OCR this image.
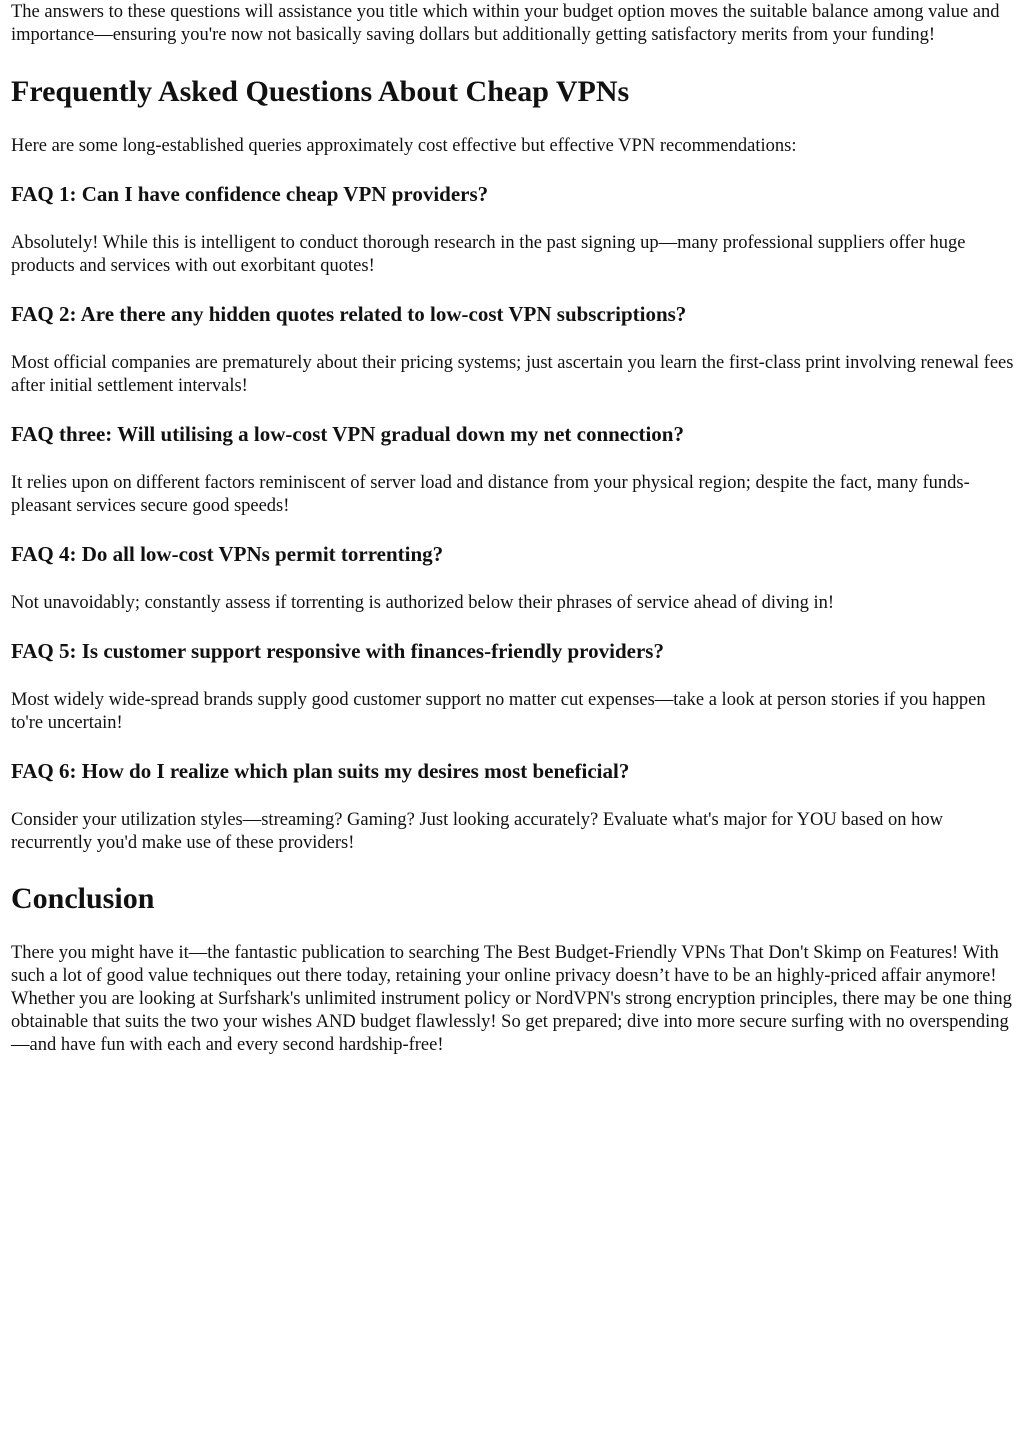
The answers to these questions will assistance you title which within your budget option moves the suitable balance among value and importance—ensuring you're now not basically saving dollars but additionally getting satisfactory merits from your funding!

Frequently Asked Questions About Cheap VPNs

Here are some long-established queries approximately cost effective but effective VPN recommendations:

FAQ 1: Can I have confidence cheap VPN providers?

Absolutely! While this is intelligent to conduct thorough research in the past signing up—many professional suppliers offer huge products and services with out exorbitant quotes!

FAQ 2: Are there any hidden quotes related to low-cost VPN subscriptions?

Most official companies are prematurely about their pricing systems; just ascertain you learn the first-class print involving renewal fees after initial settlement intervals!

FAQ three: Will utilising a low-cost VPN gradual down my net connection?

It relies upon on different factors reminiscent of server load and distance from your physical region; despite the fact, many funds-pleasant services secure good speeds!

FAQ 4: Do all low-cost VPNs permit torrenting?

Not unavoidably; constantly assess if torrenting is authorized below their phrases of service ahead of diving in!

FAQ 5: Is customer support responsive with finances-friendly providers?

Most widely wide-spread brands supply good customer support no matter cut expenses—take a look at person stories if you happen to're uncertain!

FAQ 6: How do I realize which plan suits my desires most beneficial?

Consider your utilization styles—streaming? Gaming? Just looking accurately? Evaluate what's major for YOU based on how recurrently you'd make use of these providers!

Conclusion

There you might have it—the fantastic publication to searching The Best Budget-Friendly VPNs That Don't Skimp on Features! With such a lot of good value techniques out there today, retaining your online privacy doesn’t have to be an highly-priced affair anymore! Whether you are looking at Surfshark's unlimited instrument policy or NordVPN's strong encryption principles, there may be one thing obtainable that suits the two your wishes AND budget flawlessly! So get prepared; dive into more secure surfing with no overspending—and have fun with each and every second hardship-free!
